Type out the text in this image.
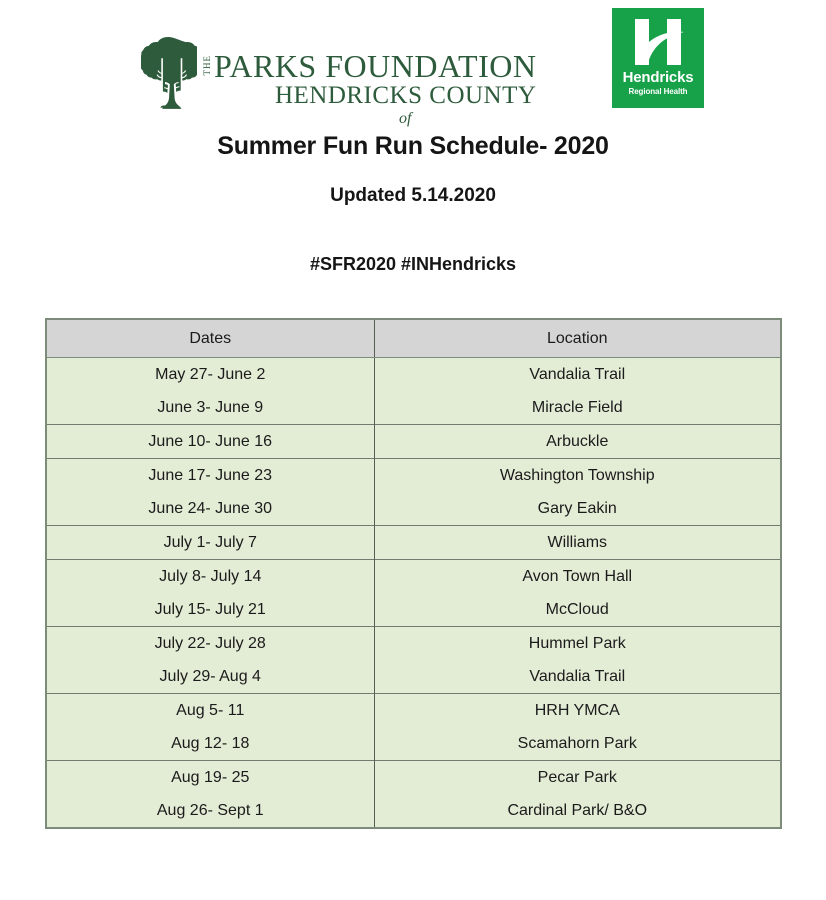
THE PARKS FOUNDATION
HENDRICKS COUNTY
of
Hendricks
Regional Health
Summer Fun Run Schedule- 2020
Updated 5.14.2020

#SFR2020 #INHendricks

Dates	Location
May 27- June 2	Vandalia Trail
June 3- June 9	Miracle Field
June 10- June 16	Arbuckle
June 17- June 23	Washington Township
June 24- June 30	Gary Eakin
July 1- July 7	Williams
July 8- July 14	Avon Town Hall
July 15- July 21	McCloud
July 22- July 28	Hummel Park
July 29- Aug 4	Vandalia Trail
Aug 5- 11	HRH YMCA
Aug 12- 18	Scamahorn Park
Aug 19- 25	Pecar Park
Aug 26- Sept 1	Cardinal Park/ B&O
